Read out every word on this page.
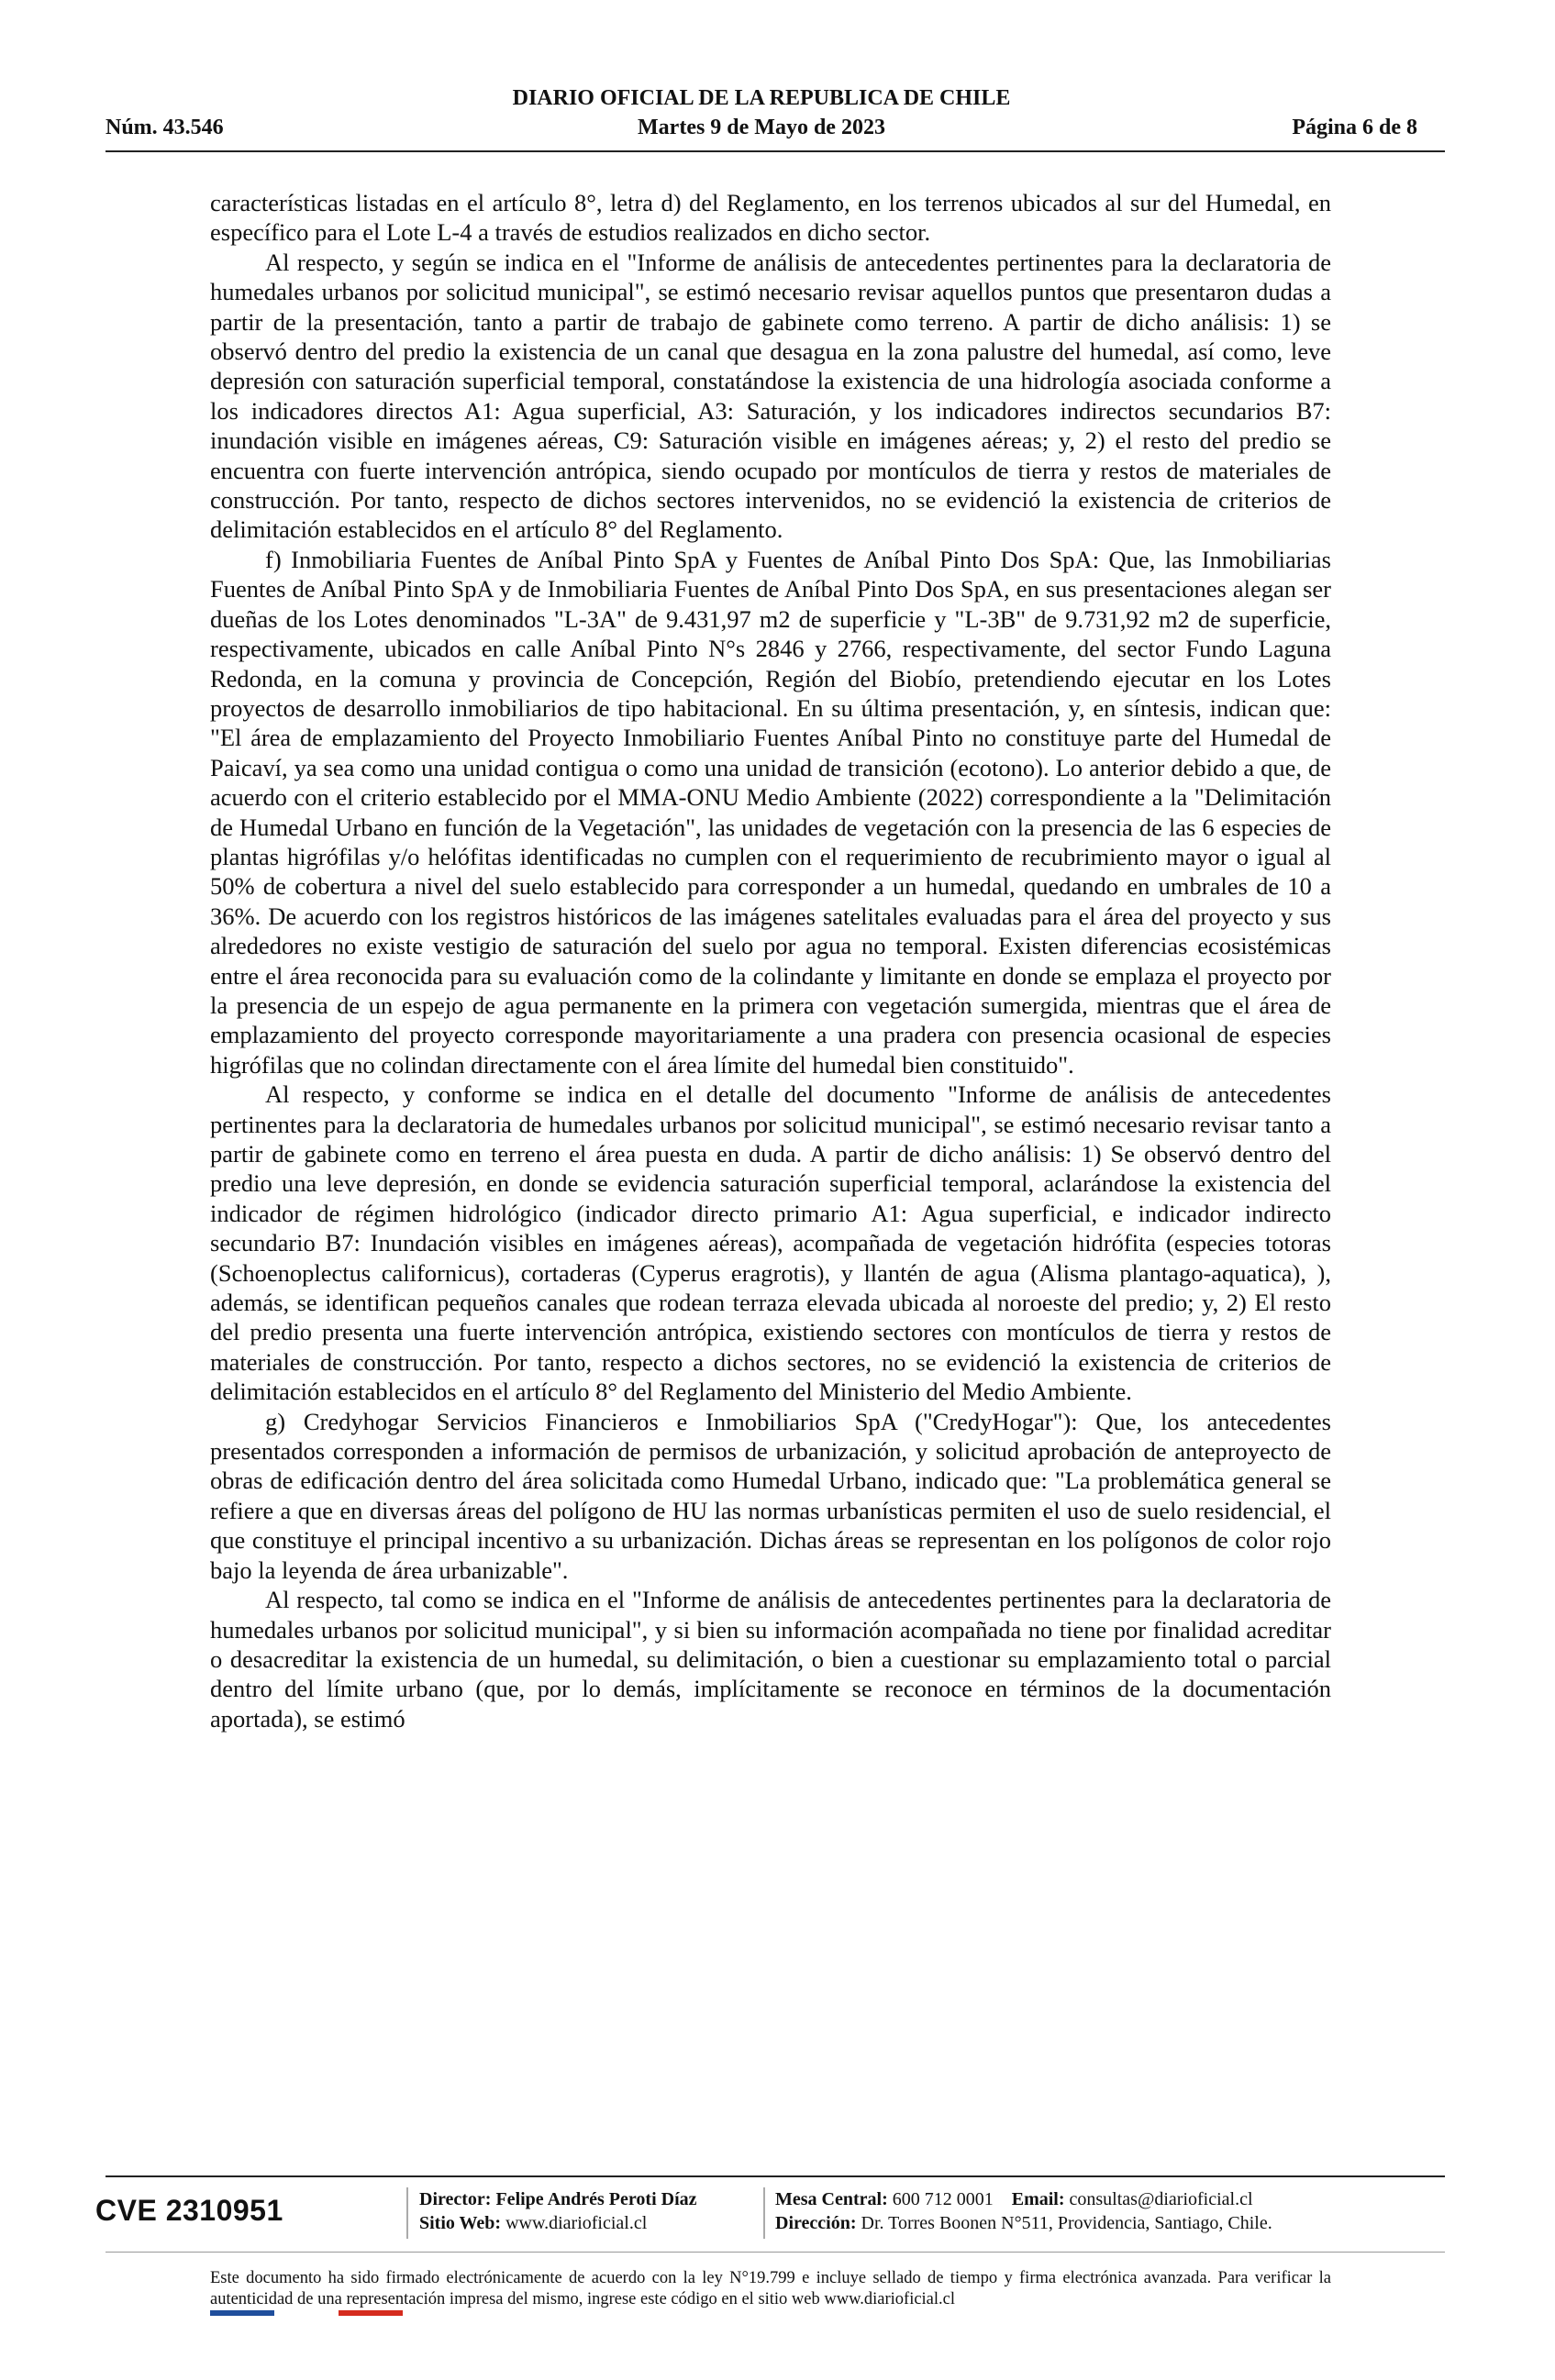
DIARIO OFICIAL DE LA REPUBLICA DE CHILE
Núm. 43.546	Martes 9 de Mayo de 2023	Página 6 de 8

características listadas en el artículo 8°, letra d) del Reglamento, en los terrenos ubicados al sur del Humedal, en específico para el Lote L-4 a través de estudios realizados en dicho sector.

Al respecto, y según se indica en el "Informe de análisis de antecedentes pertinentes para la declaratoria de humedales urbanos por solicitud municipal", se estimó necesario revisar aquellos puntos que presentaron dudas a partir de la presentación, tanto a partir de trabajo de gabinete como terreno. A partir de dicho análisis: 1) se observó dentro del predio la existencia de un canal que desagua en la zona palustre del humedal, así como, leve depresión con saturación superficial temporal, constatándose la existencia de una hidrología asociada conforme a los indicadores directos A1: Agua superficial, A3: Saturación, y los indicadores indirectos secundarios B7: inundación visible en imágenes aéreas, C9: Saturación visible en imágenes aéreas; y, 2) el resto del predio se encuentra con fuerte intervención antrópica, siendo ocupado por montículos de tierra y restos de materiales de construcción. Por tanto, respecto de dichos sectores intervenidos, no se evidenció la existencia de criterios de delimitación establecidos en el artículo 8° del Reglamento.

f) Inmobiliaria Fuentes de Aníbal Pinto SpA y Fuentes de Aníbal Pinto Dos SpA: Que, las Inmobiliarias Fuentes de Aníbal Pinto SpA y de Inmobiliaria Fuentes de Aníbal Pinto Dos SpA, en sus presentaciones alegan ser dueñas de los Lotes denominados "L-3A" de 9.431,97 m2 de superficie y "L-3B" de 9.731,92 m2 de superficie, respectivamente, ubicados en calle Aníbal Pinto N°s 2846 y 2766, respectivamente, del sector Fundo Laguna Redonda, en la comuna y provincia de Concepción, Región del Biobío, pretendiendo ejecutar en los Lotes proyectos de desarrollo inmobiliarios de tipo habitacional. En su última presentación, y, en síntesis, indican que: "El área de emplazamiento del Proyecto Inmobiliario Fuentes Aníbal Pinto no constituye parte del Humedal de Paicaví, ya sea como una unidad contigua o como una unidad de transición (ecotono). Lo anterior debido a que, de acuerdo con el criterio establecido por el MMA-ONU Medio Ambiente (2022) correspondiente a la "Delimitación de Humedal Urbano en función de la Vegetación", las unidades de vegetación con la presencia de las 6 especies de plantas higrófilas y/o helófitas identificadas no cumplen con el requerimiento de recubrimiento mayor o igual al 50% de cobertura a nivel del suelo establecido para corresponder a un humedal, quedando en umbrales de 10 a 36%. De acuerdo con los registros históricos de las imágenes satelitales evaluadas para el área del proyecto y sus alrededores no existe vestigio de saturación del suelo por agua no temporal. Existen diferencias ecosistémicas entre el área reconocida para su evaluación como de la colindante y limitante en donde se emplaza el proyecto por la presencia de un espejo de agua permanente en la primera con vegetación sumergida, mientras que el área de emplazamiento del proyecto corresponde mayoritariamente a una pradera con presencia ocasional de especies higrófilas que no colindan directamente con el área límite del humedal bien constituido".

Al respecto, y conforme se indica en el detalle del documento "Informe de análisis de antecedentes pertinentes para la declaratoria de humedales urbanos por solicitud municipal", se estimó necesario revisar tanto a partir de gabinete como en terreno el área puesta en duda. A partir de dicho análisis: 1) Se observó dentro del predio una leve depresión, en donde se evidencia saturación superficial temporal, aclarándose la existencia del indicador de régimen hidrológico (indicador directo primario A1: Agua superficial, e indicador indirecto secundario B7: Inundación visibles en imágenes aéreas), acompañada de vegetación hidrófita (especies totoras (Schoenoplectus californicus), cortaderas (Cyperus eragrotis), y llantén de agua (Alisma plantago-aquatica), ), además, se identifican pequeños canales que rodean terraza elevada ubicada al noroeste del predio; y, 2) El resto del predio presenta una fuerte intervención antrópica, existiendo sectores con montículos de tierra y restos de materiales de construcción. Por tanto, respecto a dichos sectores, no se evidenció la existencia de criterios de delimitación establecidos en el artículo 8° del Reglamento del Ministerio del Medio Ambiente.

g) Credyhogar Servicios Financieros e Inmobiliarios SpA ("CredyHogar"): Que, los antecedentes presentados corresponden a información de permisos de urbanización, y solicitud aprobación de anteproyecto de obras de edificación dentro del área solicitada como Humedal Urbano, indicado que: "La problemática general se refiere a que en diversas áreas del polígono de HU las normas urbanísticas permiten el uso de suelo residencial, el que constituye el principal incentivo a su urbanización. Dichas áreas se representan en los polígonos de color rojo bajo la leyenda de área urbanizable".

Al respecto, tal como se indica en el "Informe de análisis de antecedentes pertinentes para la declaratoria de humedales urbanos por solicitud municipal", y si bien su información acompañada no tiene por finalidad acreditar o desacreditar la existencia de un humedal, su delimitación, o bien a cuestionar su emplazamiento total o parcial dentro del límite urbano (que, por lo demás, implícitamente se reconoce en términos de la documentación aportada), se estimó

CVE 2310951	Director: Felipe Andrés Peroti Díaz
Sitio Web: www.diarioficial.cl
Mesa Central: 600 712 0001 Email: consultas@diarioficial.cl
Dirección: Dr. Torres Boonen N°511, Providencia, Santiago, Chile.
Este documento ha sido firmado electrónicamente de acuerdo con la ley N°19.799 e incluye sellado de tiempo y firma electrónica avanzada. Para verificar la autenticidad de una representación impresa del mismo, ingrese este código en el sitio web www.diarioficial.cl
